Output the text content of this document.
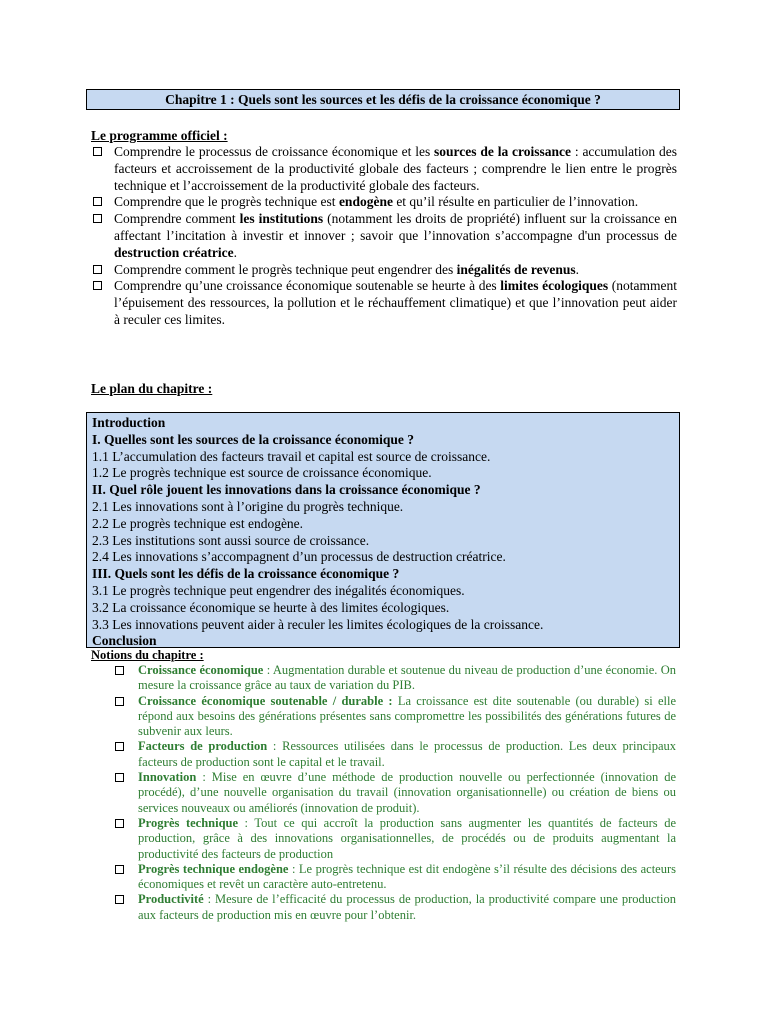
Chapitre 1 : Quels sont les sources et les défis de la croissance économique ?
Le programme officiel :
Comprendre le processus de croissance économique et les sources de la croissance : accumulation des facteurs et accroissement de la productivité globale des facteurs ; comprendre le lien entre le progrès technique et l’accroissement de la productivité globale des facteurs.
Comprendre que le progrès technique est endogène et qu’il résulte en particulier de l’innovation.
Comprendre comment les institutions (notamment les droits de propriété) influent sur la croissance en affectant l’incitation à investir et innover ; savoir que l’innovation s’accompagne d'un processus de destruction créatrice.
Comprendre comment le progrès technique peut engendrer des inégalités de revenus.
Comprendre qu’une croissance économique soutenable se heurte à des limites écologiques (notamment l’épuisement des ressources, la pollution et le réchauffement climatique) et que l’innovation peut aider à reculer ces limites.
Le plan du chapitre :
Introduction
I. Quelles sont les sources de la croissance économique ?
1.1 L’accumulation des facteurs travail et capital est source de croissance.
1.2 Le progrès technique est source de croissance économique.
II. Quel rôle jouent les innovations dans la croissance économique ?
2.1 Les innovations sont à l’origine du progrès technique.
2.2 Le progrès technique est endogène.
2.3 Les institutions sont aussi source de croissance.
2.4 Les innovations s’accompagnent d’un processus de destruction créatrice.
III. Quels sont les défis de la croissance économique ?
3.1 Le progrès technique peut engendrer des inégalités économiques.
3.2 La croissance économique se heurte à des limites écologiques.
3.3 Les innovations peuvent aider à reculer les limites écologiques de la croissance.
Conclusion
Notions du chapitre :
Croissance économique : Augmentation durable et soutenue du niveau de production d’une économie. On mesure la croissance grâce au taux de variation du PIB.
Croissance économique soutenable / durable : La croissance est dite soutenable (ou durable) si elle répond aux besoins des générations présentes sans compromettre les possibilités des générations futures de subvenir aux leurs.
Facteurs de production : Ressources utilisées dans le processus de production. Les deux principaux facteurs de production sont le capital et le travail.
Innovation : Mise en œuvre d’une méthode de production nouvelle ou perfectionnée (innovation de procédé), d’une nouvelle organisation du travail (innovation organisationnelle) ou création de biens ou services nouveaux ou améliorés (innovation de produit).
Progrès technique : Tout ce qui accroît la production sans augmenter les quantités de facteurs de production, grâce à des innovations organisationnelles, de procédés ou de produits augmentant la productivité des facteurs de production
Progrès technique endogène : Le progrès technique est dit endogène s’il résulte des décisions des acteurs économiques et revêt un caractère auto-entretenu.
Productivité : Mesure de l’efficacité du processus de production, la productivité compare une production aux facteurs de production mis en œuvre pour l’obtenir.
